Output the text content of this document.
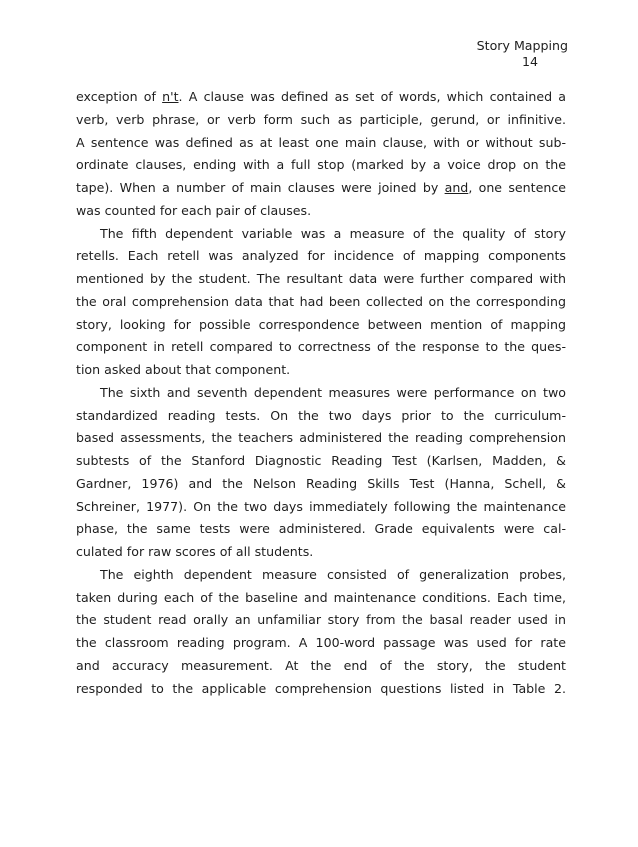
Story Mapping
14
exception of n't. A clause was defined as set of words, which contained a
verb, verb phrase, or verb form such as participle, gerund, or infinitive.
A sentence was defined as at least one main clause, with or without sub-
ordinate clauses, ending with a full stop (marked by a voice drop on the
tape). When a number of main clauses were joined by and, one sentence
was counted for each pair of clauses.
The fifth dependent variable was a measure of the quality of story
retells. Each retell was analyzed for incidence of mapping components
mentioned by the student. The resultant data were further compared with
the oral comprehension data that had been collected on the corresponding
story, looking for possible correspondence between mention of mapping
component in retell compared to correctness of the response to the ques-
tion asked about that component.
The sixth and seventh dependent measures were performance on two
standardized reading tests. On the two days prior to the curriculum-
based assessments, the teachers administered the reading comprehension
subtests of the Stanford Diagnostic Reading Test (Karlsen, Madden, &
Gardner, 1976) and the Nelson Reading Skills Test (Hanna, Schell, &
Schreiner, 1977). On the two days immediately following the maintenance
phase, the same tests were administered. Grade equivalents were cal-
culated for raw scores of all students.
The eighth dependent measure consisted of generalization probes,
taken during each of the baseline and maintenance conditions. Each time,
the student read orally an unfamiliar story from the basal reader used in
the classroom reading program. A 100-word passage was used for rate
and accuracy measurement. At the end of the story, the student
responded to the applicable comprehension questions listed in Table 2.
